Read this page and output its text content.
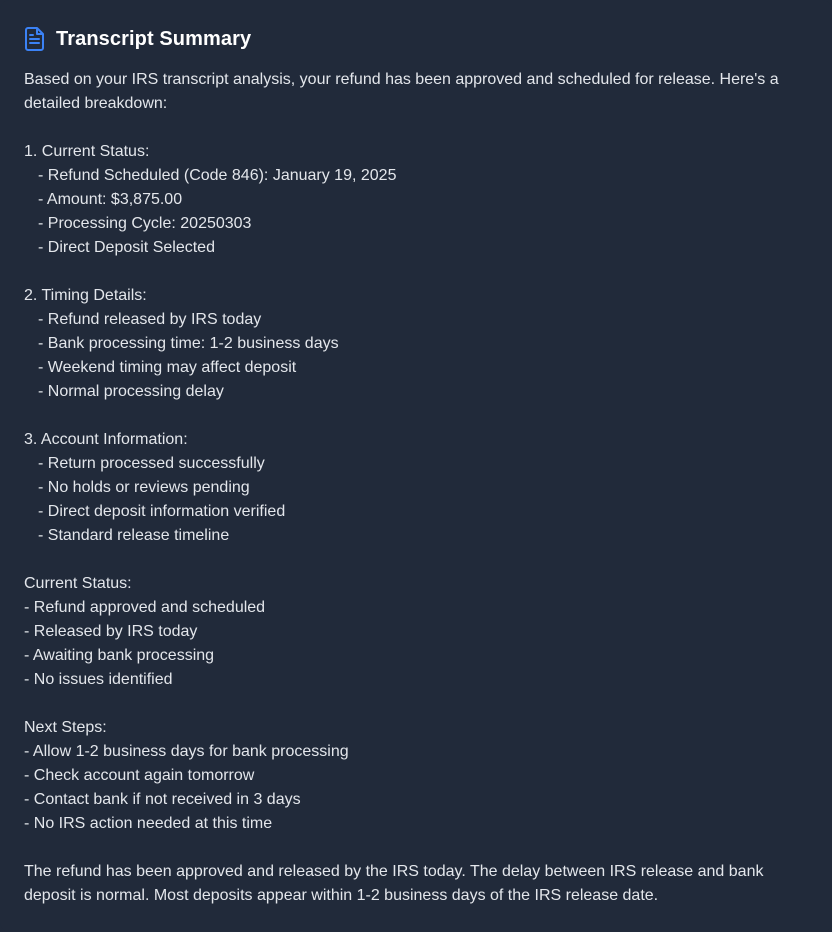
Transcript Summary

Based on your IRS transcript analysis, your refund has been approved and scheduled for release. Here's a detailed breakdown:

1. Current Status:
- Refund Scheduled (Code 846): January 19, 2025
- Amount: $3,875.00
- Processing Cycle: 20250303
- Direct Deposit Selected
2. Timing Details:
- Refund released by IRS today
- Bank processing time: 1-2 business days
- Weekend timing may affect deposit
- Normal processing delay
3. Account Information:
- Return processed successfully
- No holds or reviews pending
- Direct deposit information verified
- Standard release timeline
Current Status:
- Refund approved and scheduled
- Released by IRS today
- Awaiting bank processing
- No issues identified
Next Steps:
- Allow 1-2 business days for bank processing
- Check account again tomorrow
- Contact bank if not received in 3 days
- No IRS action needed at this time

The refund has been approved and released by the IRS today. The delay between IRS release and bank deposit is normal. Most deposits appear within 1-2 business days of the IRS release date.
